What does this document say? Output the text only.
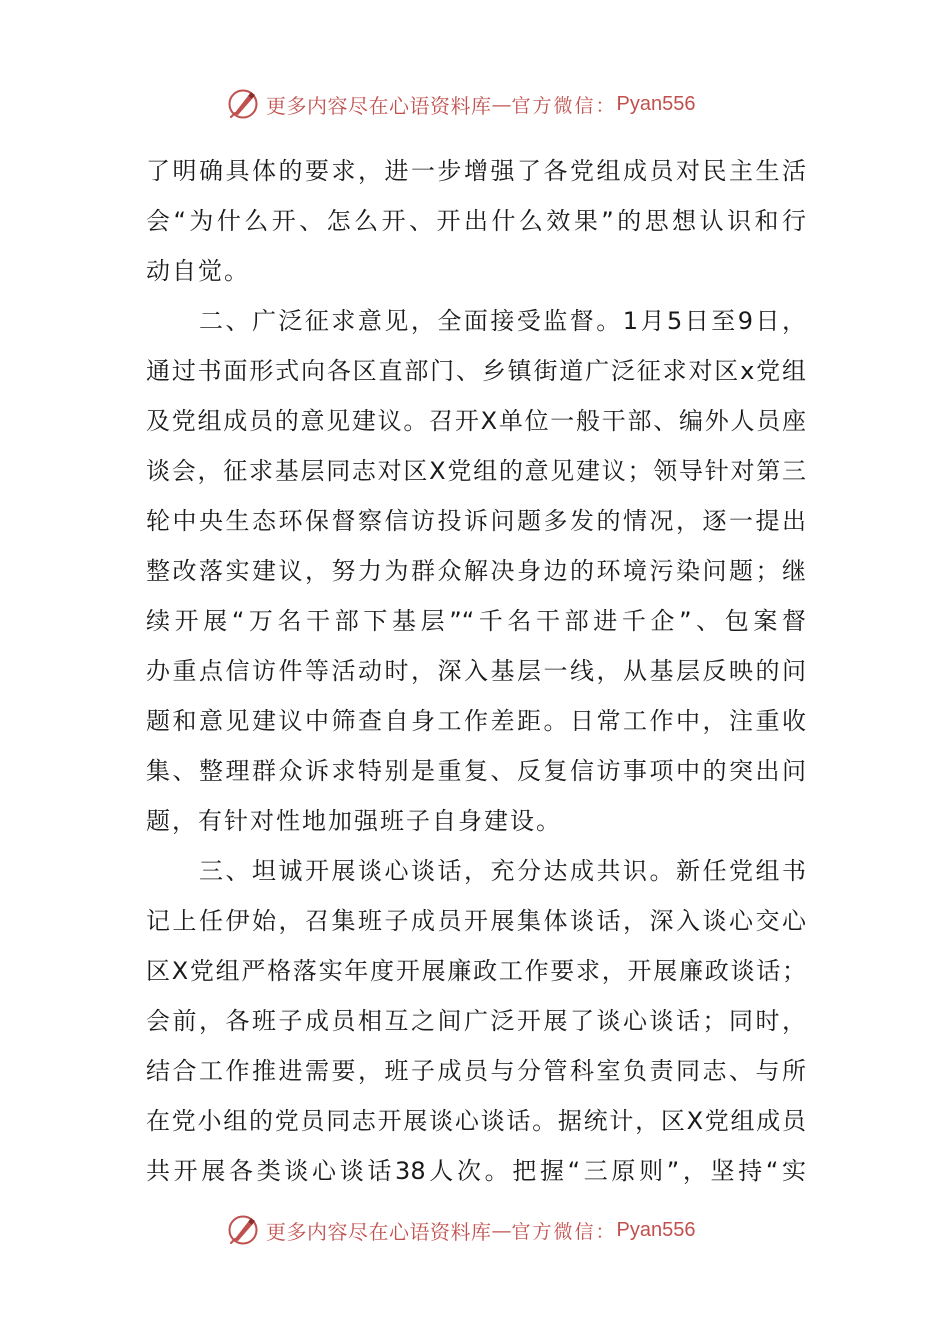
更多内容尽在心语资料库 — 官方微信： Pyan556
了明确具体的要求，进一步增强了各党组成员对民主生活
会“为什么开、怎么开、开出什么效果”的思想认识和行
动自觉。
　　二、广泛征求意见，全面接受监督。1月5日至9日，
通过书面形式向各区直部门、乡镇街道广泛征求对区x党组
及党组成员的意见建议。召开X单位一般干部、编外人员座
谈会，征求基层同志对区X党组的意见建议；领导针对第三
轮中央生态环保督察信访投诉问题多发的情况，逐一提出
整改落实建议，努力为群众解决身边的环境污染问题；继
续开展“万名干部下基层”“千名干部进千企”、包案督
办重点信访件等活动时，深入基层一线，从基层反映的问
题和意见建议中筛查自身工作差距。日常工作中，注重收
集、整理群众诉求特别是重复、反复信访事项中的突出问
题，有针对性地加强班子自身建设。
　　三、坦诚开展谈心谈话，充分达成共识。新任党组书
记上任伊始，召集班子成员开展集体谈话，深入谈心交心
区X党组严格落实年度开展廉政工作要求，开展廉政谈话；
会前，各班子成员相互之间广泛开展了谈心谈话；同时，
结合工作推进需要，班子成员与分管科室负责同志、与所
在党小组的党员同志开展谈心谈话。据统计，区X党组成员
共开展各类谈心谈话38人次。把握“三原则”，坚持“实
更多内容尽在心语资料库 — 官方微信： Pyan556
